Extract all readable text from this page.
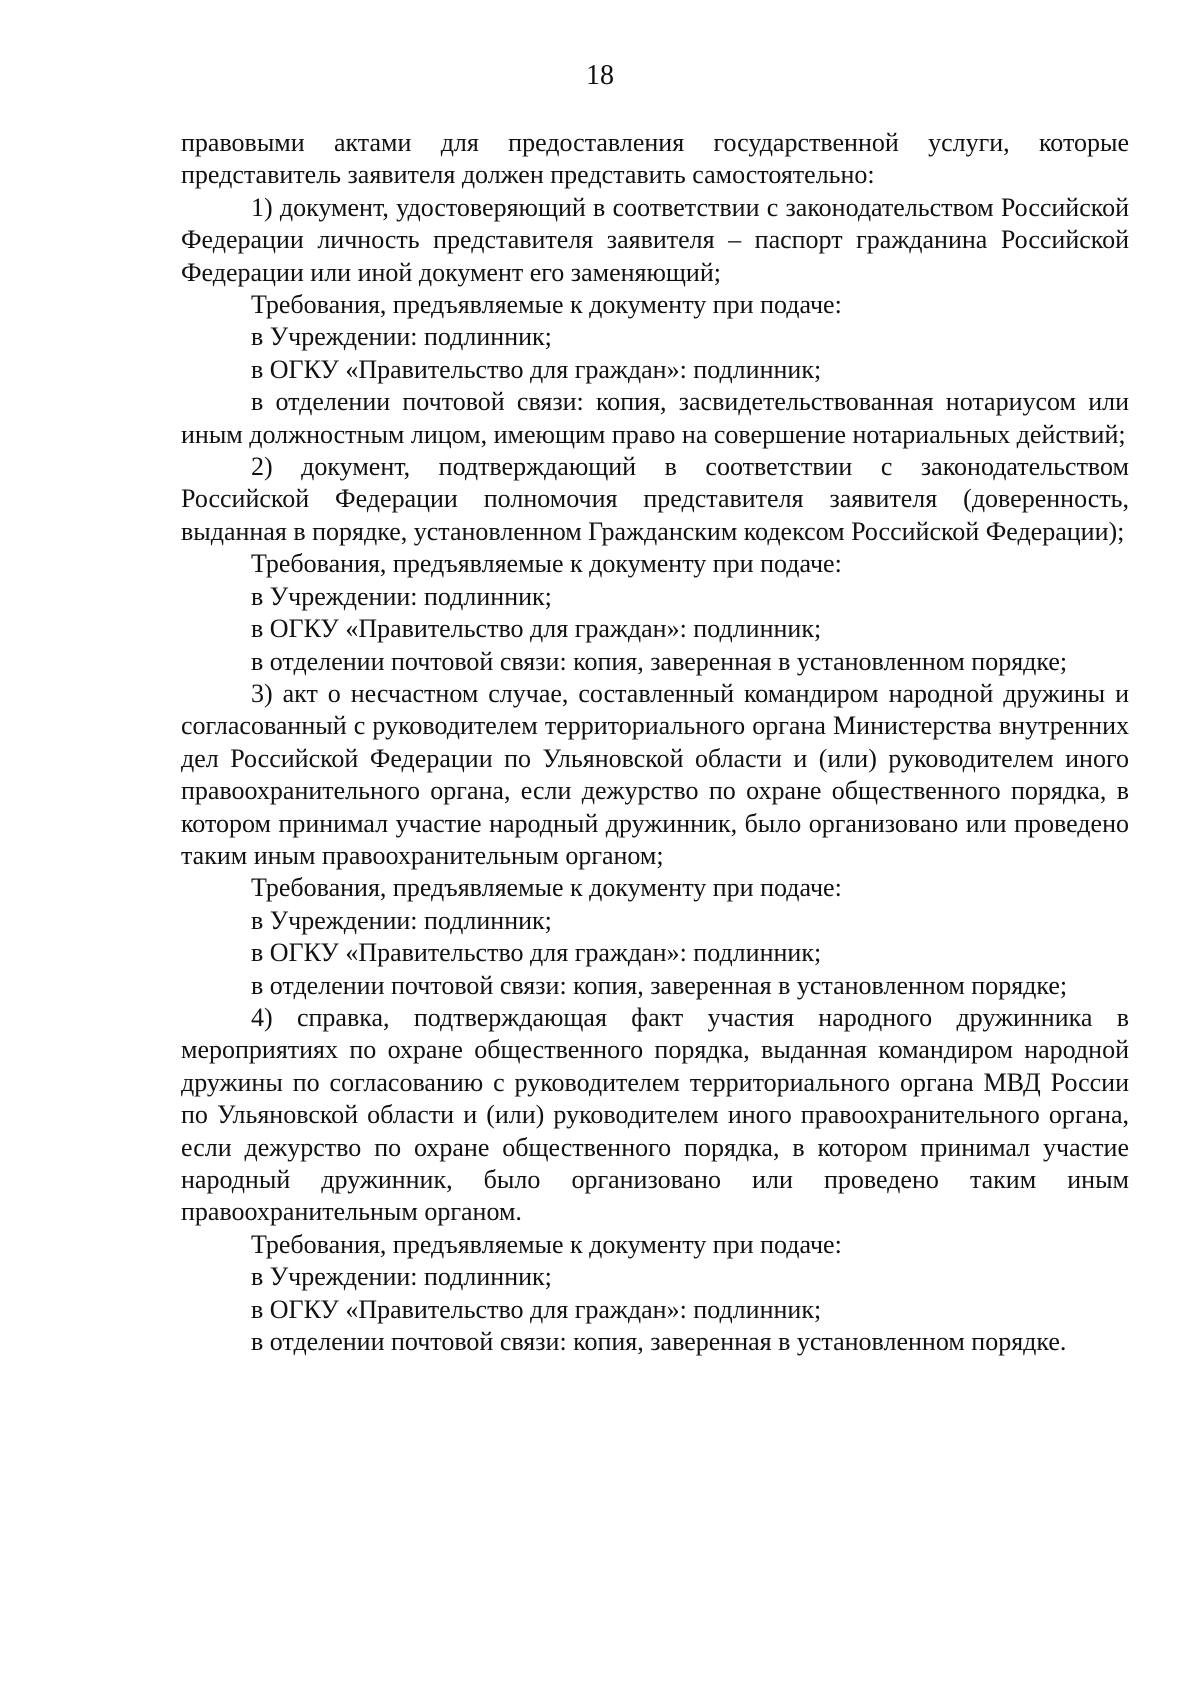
18

правовыми актами для предоставления государственной услуги, которые представитель заявителя должен представить самостоятельно:

1) документ, удостоверяющий в соответствии с законодательством Российской Федерации личность представителя заявителя – паспорт гражданина Российской Федерации или иной документ его заменяющий;

Требования, предъявляемые к документу при подаче:

в Учреждении: подлинник;

в ОГКУ «Правительство для граждан»: подлинник;

в отделении почтовой связи: копия, засвидетельствованная нотариусом или иным должностным лицом, имеющим право на совершение нотариальных действий;

2) документ, подтверждающий в соответствии с законодательством Российской Федерации полномочия представителя заявителя (доверенность, выданная в порядке, установленном Гражданским кодексом Российской Федерации);

Требования, предъявляемые к документу при подаче:

в Учреждении: подлинник;

в ОГКУ «Правительство для граждан»: подлинник;

в отделении почтовой связи: копия, заверенная в установленном порядке;

3) акт о несчастном случае, составленный командиром народной дружины и согласованный с руководителем территориального органа Министерства внутренних дел Российской Федерации по Ульяновской области и (или) руководителем иного правоохранительного органа, если дежурство по охране общественного порядка, в котором принимал участие народный дружинник, было организовано или проведено таким иным правоохранительным органом;

Требования, предъявляемые к документу при подаче:

в Учреждении: подлинник;

в ОГКУ «Правительство для граждан»: подлинник;

в отделении почтовой связи: копия, заверенная в установленном порядке;

4) справка, подтверждающая факт участия народного дружинника в мероприятиях по охране общественного порядка, выданная командиром народной дружины по согласованию с руководителем территориального органа МВД России по Ульяновской области и (или) руководителем иного правоохранительного органа, если дежурство по охране общественного порядка, в котором принимал участие народный дружинник, было организовано или проведено таким иным правоохранительным органом.

Требования, предъявляемые к документу при подаче:

в Учреждении: подлинник;

в ОГКУ «Правительство для граждан»: подлинник;

в отделении почтовой связи: копия, заверенная в установленном порядке.
